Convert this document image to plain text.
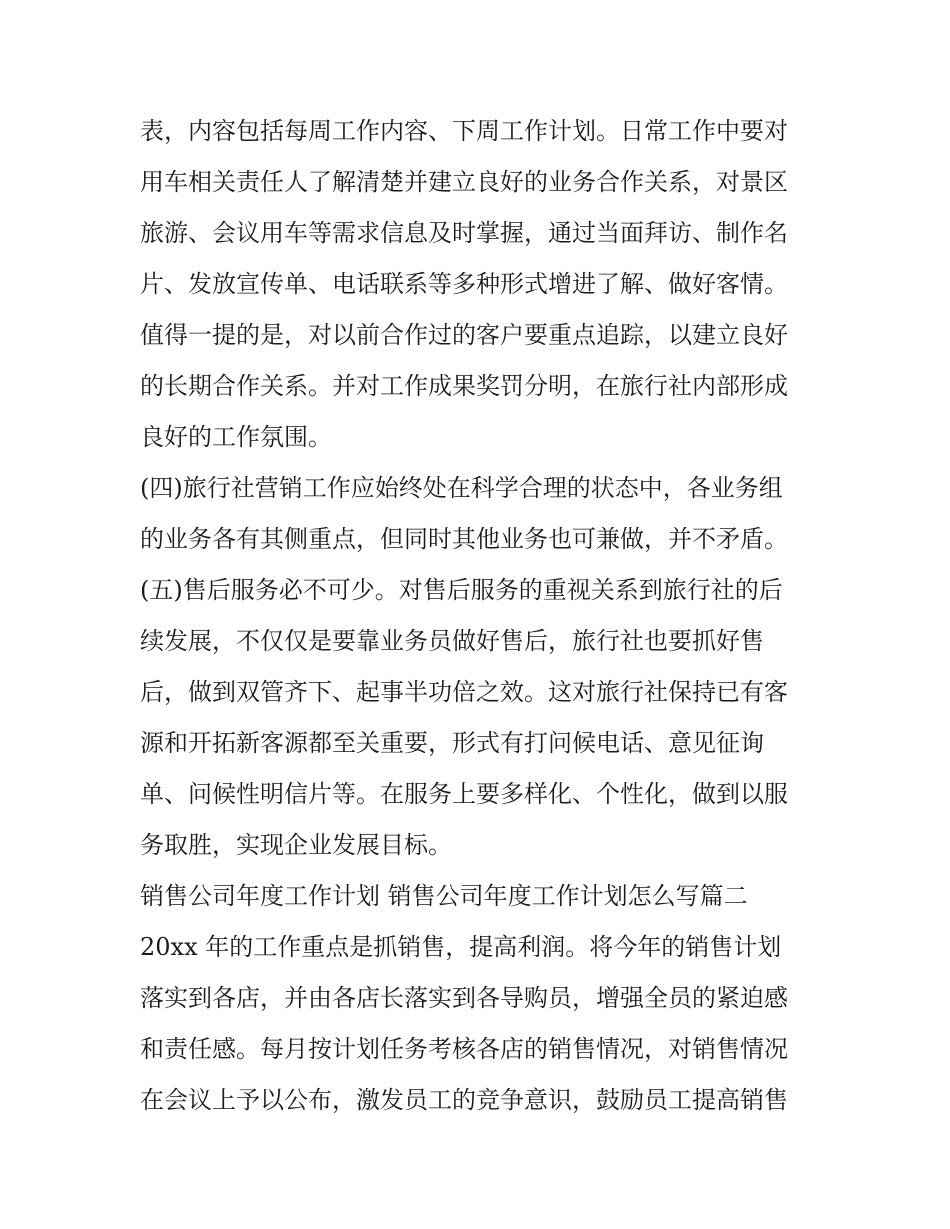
表，内容包括每周工作内容、下周工作计划。日常工作中要对
用车相关责任人了解清楚并建立良好的业务合作关系，对景区
旅游、会议用车等需求信息及时掌握，通过当面拜访、制作名
片、发放宣传单、电话联系等多种形式增进了解、做好客情。
值得一提的是，对以前合作过的客户要重点追踪，以建立良好
的长期合作关系。并对工作成果奖罚分明，在旅行社内部形成
良好的工作氛围。
(四)旅行社营销工作应始终处在科学合理的状态中，各业务组
的业务各有其侧重点，但同时其他业务也可兼做，并不矛盾。
(五)售后服务必不可少。对售后服务的重视关系到旅行社的后
续发展，不仅仅是要靠业务员做好售后，旅行社也要抓好售
后，做到双管齐下、起事半功倍之效。这对旅行社保持已有客
源和开拓新客源都至关重要，形式有打问候电话、意见征询
单、问候性明信片等。在服务上要多样化、个性化，做到以服
务取胜，实现企业发展目标。
销售公司年度工作计划 销售公司年度工作计划怎么写篇二
20xx 年的工作重点是抓销售，提高利润。将今年的销售计划
落实到各店，并由各店长落实到各导购员，增强全员的紧迫感
和责任感。每月按计划任务考核各店的销售情况，对销售情况
在会议上予以公布，激发员工的竞争意识，鼓励员工提高销售
